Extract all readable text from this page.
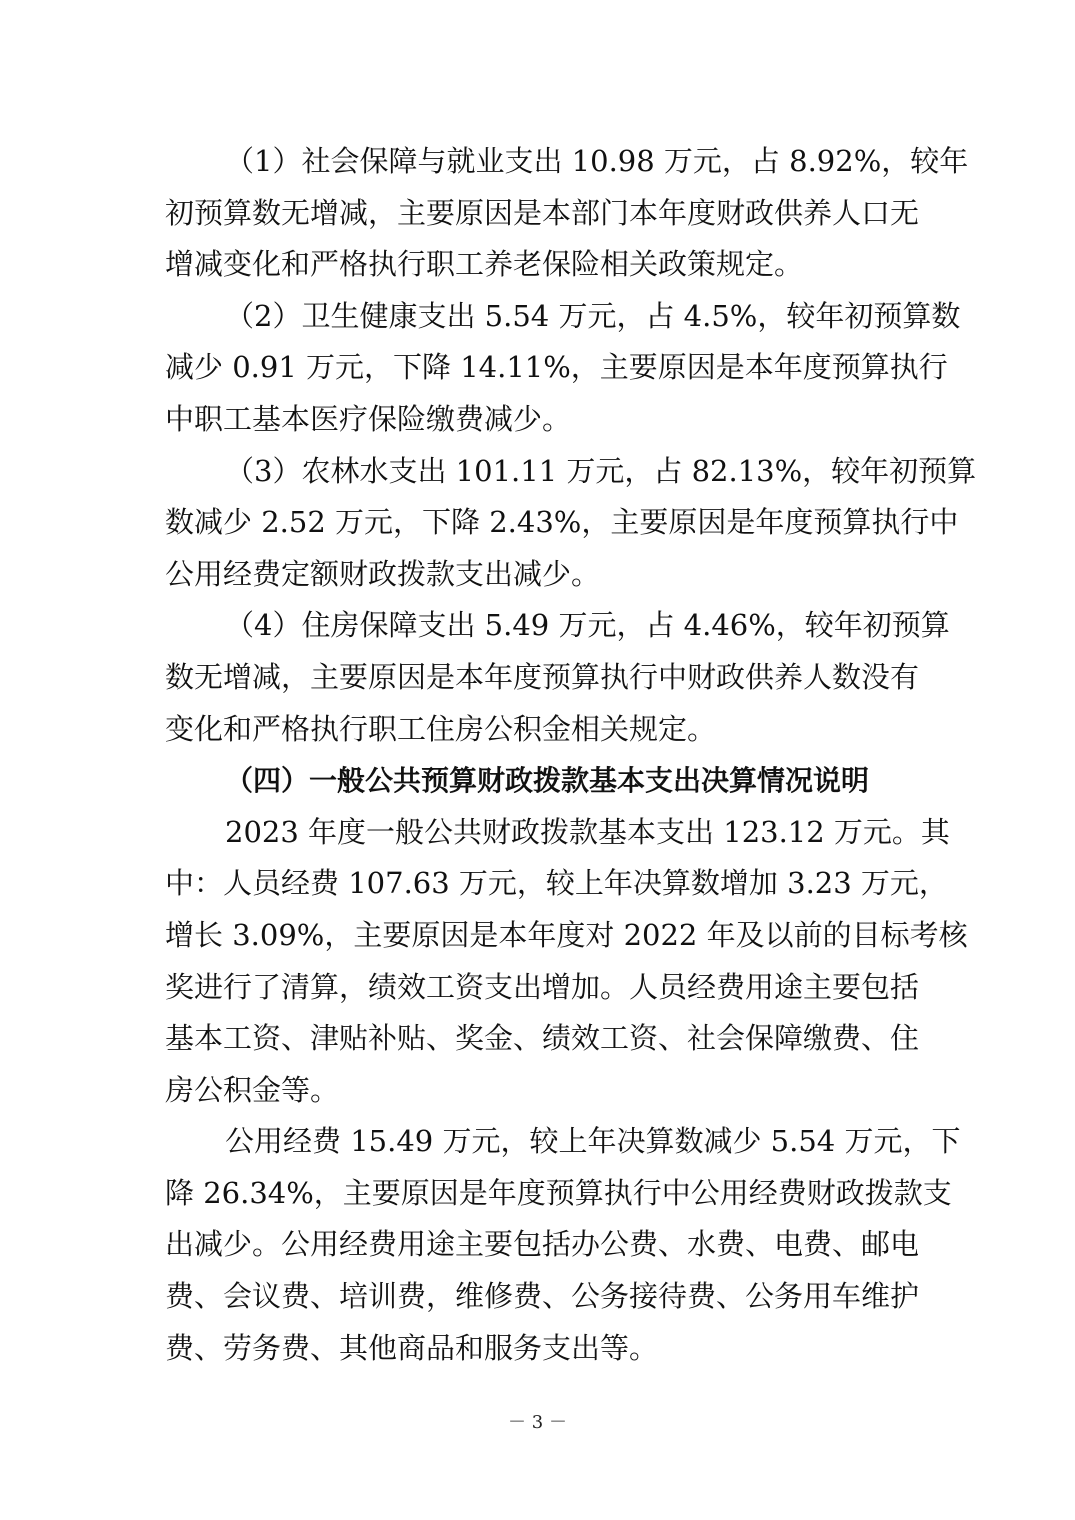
（1）社会保障与就业支出 10.98 万元，占 8.92%，较年
初预算数无增减，主要原因是本部门本年度财政供养人口无
增减变化和严格执行职工养老保险相关政策规定。
（2）卫生健康支出 5.54 万元，占 4.5%，较年初预算数
减少 0.91 万元，下降 14.11%，主要原因是本年度预算执行
中职工基本医疗保险缴费减少。
（3）农林水支出 101.11 万元，占 82.13%，较年初预算
数减少 2.52 万元，下降 2.43%，主要原因是年度预算执行中
公用经费定额财政拨款支出减少。
（4）住房保障支出 5.49 万元，占 4.46%，较年初预算
数无增减，主要原因是本年度预算执行中财政供养人数没有
变化和严格执行职工住房公积金相关规定。
（四）一般公共预算财政拨款基本支出决算情况说明
2023 年度一般公共财政拨款基本支出 123.12 万元。其
中：人员经费 107.63 万元，较上年决算数增加 3.23 万元，
增长 3.09%，主要原因是本年度对 2022 年及以前的目标考核
奖进行了清算，绩效工资支出增加。人员经费用途主要包括
基本工资、津贴补贴、奖金、绩效工资、社会保障缴费、住
房公积金等。
公用经费 15.49 万元，较上年决算数减少 5.54 万元，下
降 26.34%，主要原因是年度预算执行中公用经费财政拨款支
出减少。公用经费用途主要包括办公费、水费、电费、邮电
费、会议费、培训费，维修费、公务接待费、公务用车维护
费、劳务费、其他商品和服务支出等。
－ 3 －
